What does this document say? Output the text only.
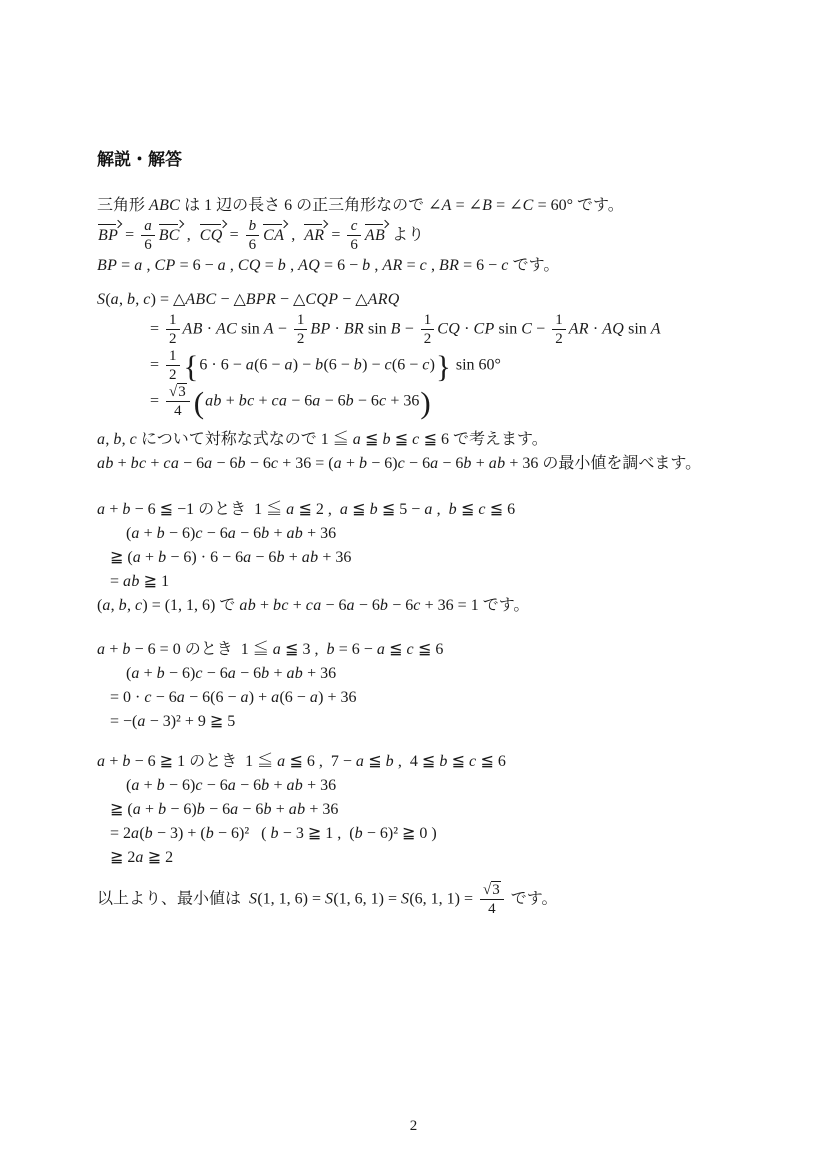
解説・解答
三角形 ABC は 1 辺の長さ 6 の正三角形なので ∠A = ∠B = ∠C = 60° です。
BP = $\frac{a}{6}$ BC ,
CQ = $\frac{b}{6}$ CA ,
AR = $\frac{c}{6}$ AB より
BP = a , CP = 6 − a , CQ = b , AQ = 6 − b , AR = c , BR = 6 − c です。
S(a, b, c) = △ABC − △BPR − △CQP − △ARQ
= $\frac{1}{2}$ AB · AC $\sin A - \frac{1}{2}$ BP · BR $\sin B - \frac{1}{2}$ CQ · CP $\sin C - \frac{1}{2}$ AR · AQ sin A
= $\frac{1}{2} \{6 \cdot 6 - a(6 - a) - b(6 - b) - c(6 - c)\}$ sin 60°
= $\frac{√3}{4} (ab$ + bc + ca − 6a − 6b − 6c + 36)
a, b, c について対称な式なので 1 ≦ a ≦ b ≦ c ≦ 6 で考えます。
ab + bc + ca − 6a − 6b − 6c + 36 = (a + b − 6)c − 6a − 6b + ab + 36 の最小値を調べます。
a + b − 6 ≦ −1 のとき  1 ≦ a ≦ 2 ,  a ≦ b ≦ 5 − a ,  b ≦ c ≦ 6
(a + b − 6)c − 6a − 6b + ab + 36
≧ (a + b − 6) · 6 − 6a − 6b + ab + 36
= ab ≧ 1
(a, b, c) = (1, 1, 6) で ab + bc + ca − 6a − 6b − 6c + 36 = 1 です。
a + b − 6 = 0 のとき  1 ≦ a ≦ 3 ,  b = 6 − a ≦ c ≦ 6
(a + b − 6)c − 6a − 6b + ab + 36
= 0 · c − 6a − 6(6 − a) + a(6 − a) + 36
= −(a − 3)² + 9 ≧ 5
a + b − 6 ≧ 1 のとき  1 ≦ a ≦ 6 ,  7 − a ≦ b ,  4 ≦ b ≦ c ≦ 6
(a + b − 6)c − 6a − 6b + ab + 36
≧ (a + b − 6)b − 6a − 6b + ab + 36
= 2a(b − 3) + (b − 6)²   ( b − 3 ≧ 1 ,  (b − 6)² ≧ 0 )
≧ 2a ≧ 2
以上より、最小値は  S(1, 1, 6) = S(1, 6, 1) = S(6, 1, $1) = \frac{√3}{4}$ です。
2
